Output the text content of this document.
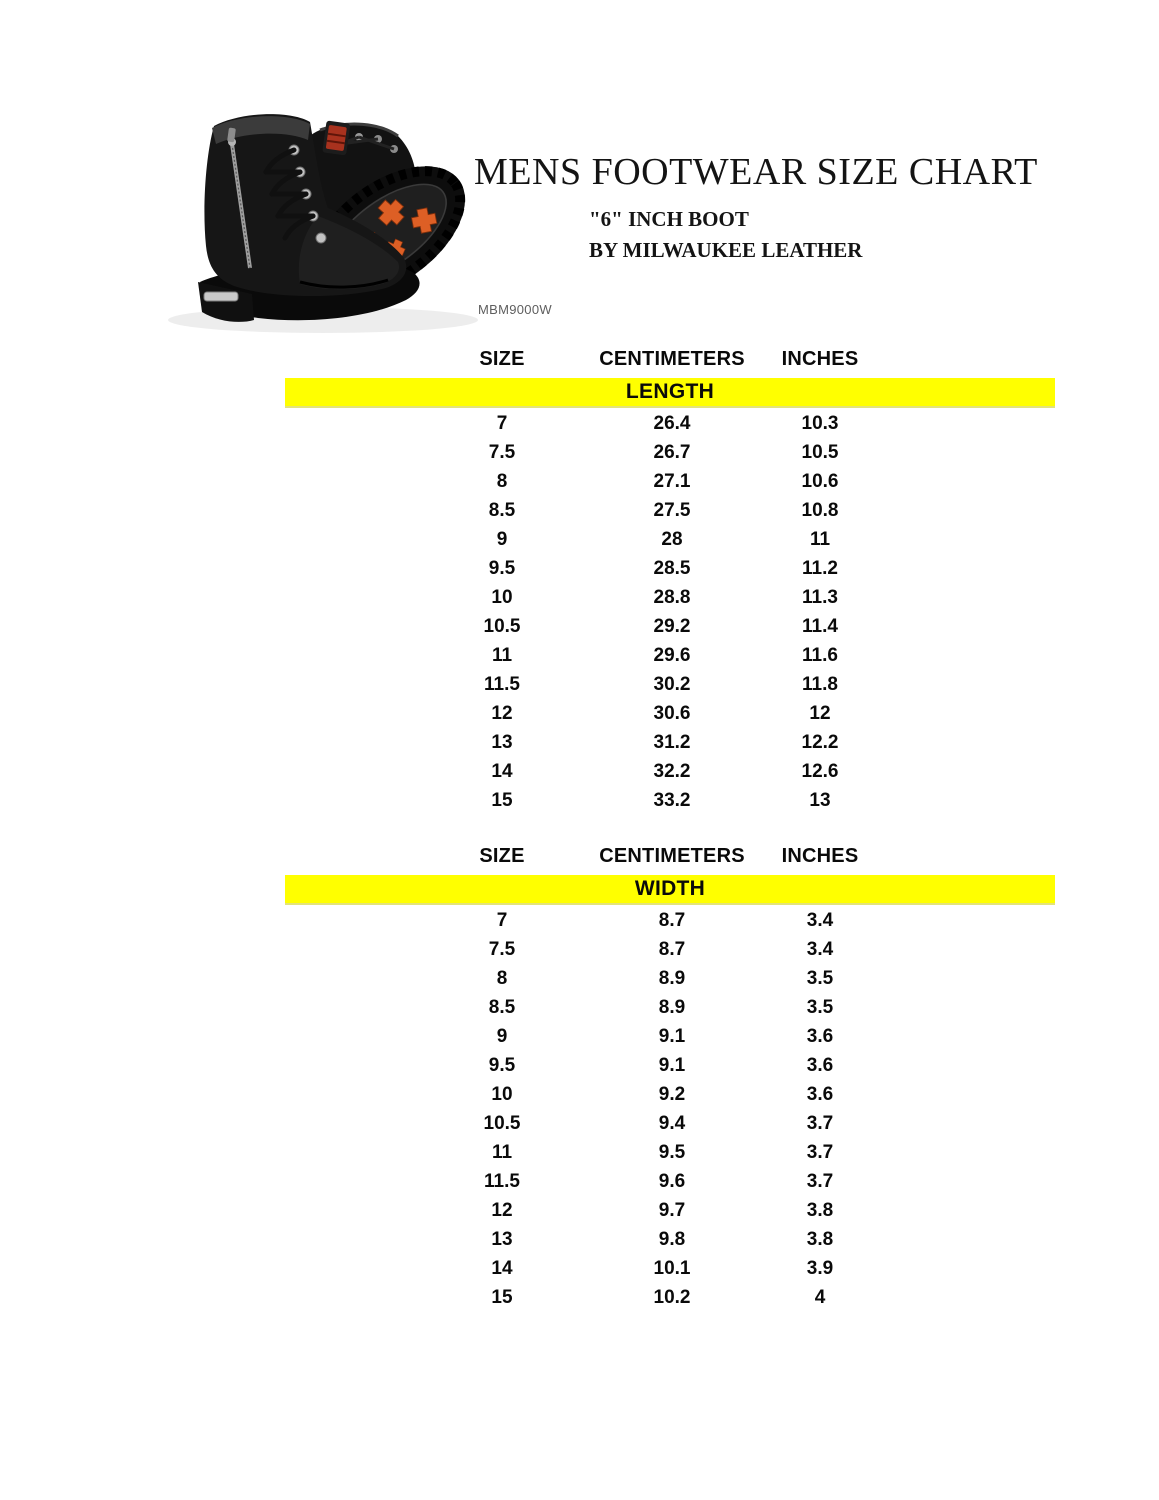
MENS FOOTWEAR SIZE CHART
"6" INCH BOOT
BY MILWAUKEE LEATHER
MBM9000W
SIZE	CENTIMETERS	INCHES
LENGTH
7	26.4	10.3
7.5	26.7	10.5
8	27.1	10.6
8.5	27.5	10.8
9	28	11
9.5	28.5	11.2
10	28.8	11.3
10.5	29.2	11.4
11	29.6	11.6
11.5	30.2	11.8
12	30.6	12
13	31.2	12.2
14	32.2	12.6
15	33.2	13
SIZE	CENTIMETERS	INCHES
WIDTH
7	8.7	3.4
7.5	8.7	3.4
8	8.9	3.5
8.5	8.9	3.5
9	9.1	3.6
9.5	9.1	3.6
10	9.2	3.6
10.5	9.4	3.7
11	9.5	3.7
11.5	9.6	3.7
12	9.7	3.8
13	9.8	3.8
14	10.1	3.9
15	10.2	4
